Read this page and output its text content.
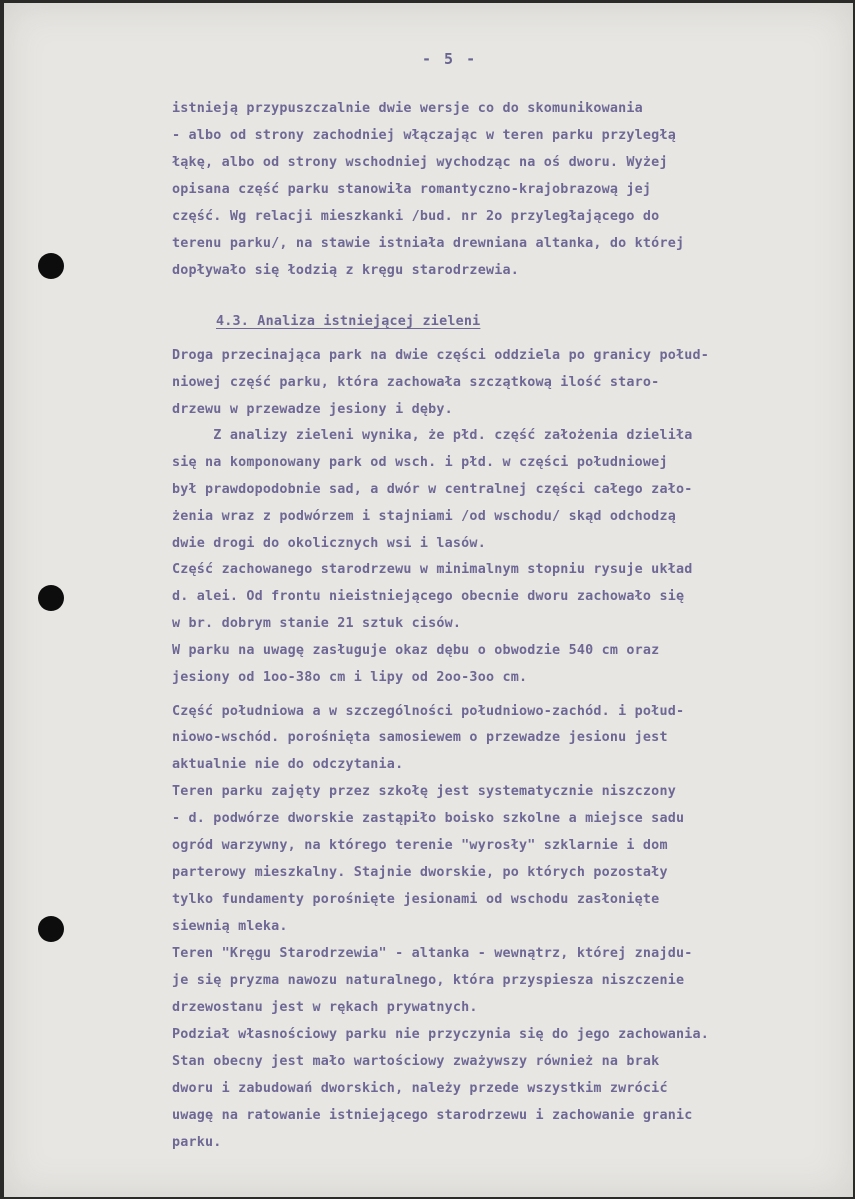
- 5 -
istnieją przypuszczalnie dwie wersje co do skomunikowania
- albo od strony zachodniej włączając w teren parku przyległą
łąkę, albo od strony wschodniej wychodząc na oś dworu. Wyżej
opisana część parku stanowiła romantyczno-krajobrazową jej
część. Wg relacji mieszkanki /bud. nr 2o przyległającego do
terenu parku/, na stawie istniała drewniana altanka, do której
dopływało się łodzią z kręgu starodrzewia.
4.3. Analiza istniejącej zieleni
Droga przecinająca park na dwie części oddziela po granicy połud-
niowej część parku, która zachowała szczątkową ilość staro-
drzewu w przewadze jesiony i dęby.
Z analizy zieleni wynika, że płd. część założenia dzieliła
się na komponowany park od wsch. i płd. w części południowej
był prawdopodobnie sad, a dwór w centralnej części całego zało-
żenia wraz z podwórzem i stajniami /od wschodu/ skąd odchodzą
dwie drogi do okolicznych wsi i lasów.
Część zachowanego starodrzewu w minimalnym stopniu rysuje układ
d. alei. Od frontu nieistniejącego obecnie dworu zachowało się
w br. dobrym stanie 21 sztuk cisów.
W parku na uwagę zasługuje okaz dębu o obwodzie 540 cm oraz
jesiony od 1oo-38o cm i lipy od 2oo-3oo cm.
Część południowa a w szczególności południowo-zachód. i połud-
niowo-wschód. porośnięta samosiewem o przewadze jesionu jest
aktualnie nie do odczytania.
Teren parku zajęty przez szkołę jest systematycznie niszczony
- d. podwórze dworskie zastąpiło boisko szkolne a miejsce sadu
ogród warzywny, na którego terenie "wyrosły" szklarnie i dom
parterowy mieszkalny. Stajnie dworskie, po których pozostały
tylko fundamenty porośnięte jesionami od wschodu zasłonięte
siewnią mleka.
Teren "Kręgu Starodrzewia" - altanka - wewnątrz, której znajdu-
je się pryzma nawozu naturalnego, która przyspiesza niszczenie
drzewostanu jest w rękach prywatnych.
Podział własnościowy parku nie przyczynia się do jego zachowania.
Stan obecny jest mało wartościowy zważywszy również na brak
dworu i zabudowań dworskich, należy przede wszystkim zwrócić
uwagę na ratowanie istniejącego starodrzewu i zachowanie granic
parku.
